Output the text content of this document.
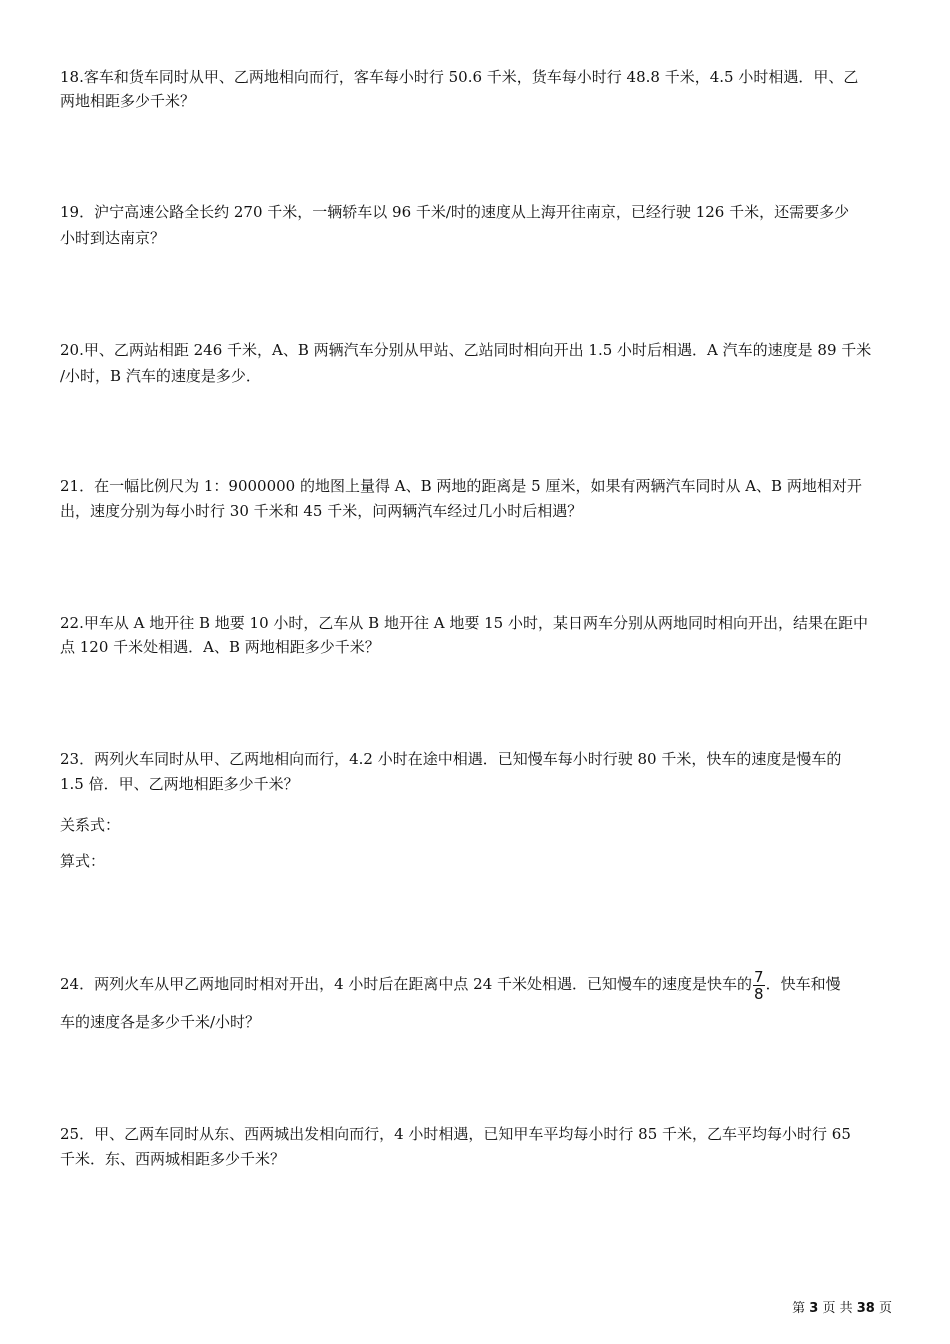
18.客车和货车同时从甲、乙两地相向而行，客车每小时行 50.6 千米，货车每小时行 48.8 千米，4.5 小时相遇．甲、乙
两地相距多少千米？
19．沪宁高速公路全长约 270 千米，一辆轿车以 96 千米/时的速度从上海开往南京，已经行驶 126 千米，还需要多少
小时到达南京？
20.甲、乙两站相距 246 千米，A、B 两辆汽车分别从甲站、乙站同时相向开出 1.5 小时后相遇．A 汽车的速度是 89 千米
/小时，B 汽车的速度是多少．
21．在一幅比例尺为 1：9000000 的地图上量得 A、B 两地的距离是 5 厘米，如果有两辆汽车同时从 A、B 两地相对开
出，速度分别为每小时行 30 千米和 45 千米，问两辆汽车经过几小时后相遇？
22.甲车从 A 地开往 B 地要 10 小时，乙车从 B 地开往 A 地要 15 小时，某日两车分别从两地同时相向开出，结果在距中
点 120 千米处相遇．A、B 两地相距多少千米？
23．两列火车同时从甲、乙两地相向而行，4.2 小时在途中相遇．已知慢车每小时行驶 80 千米，快车的速度是慢车的
1.5 倍．甲、乙两地相距多少千米？
关系式：
算式：
24．两列火车从甲乙两地同时相对开出，4 小时后在距离中点 24 千米处相遇．已知慢车的速度是快车的 $\frac{7}{8}$ ．快车和慢
车的速度各是多少千米/小时？
25．甲、乙两车同时从东、西两城出发相向而行，4 小时相遇，已知甲车平均每小时行 85 千米，乙车平均每小时行 65
千米．东、西两城相距多少千米？
第 3 页 共 38 页
